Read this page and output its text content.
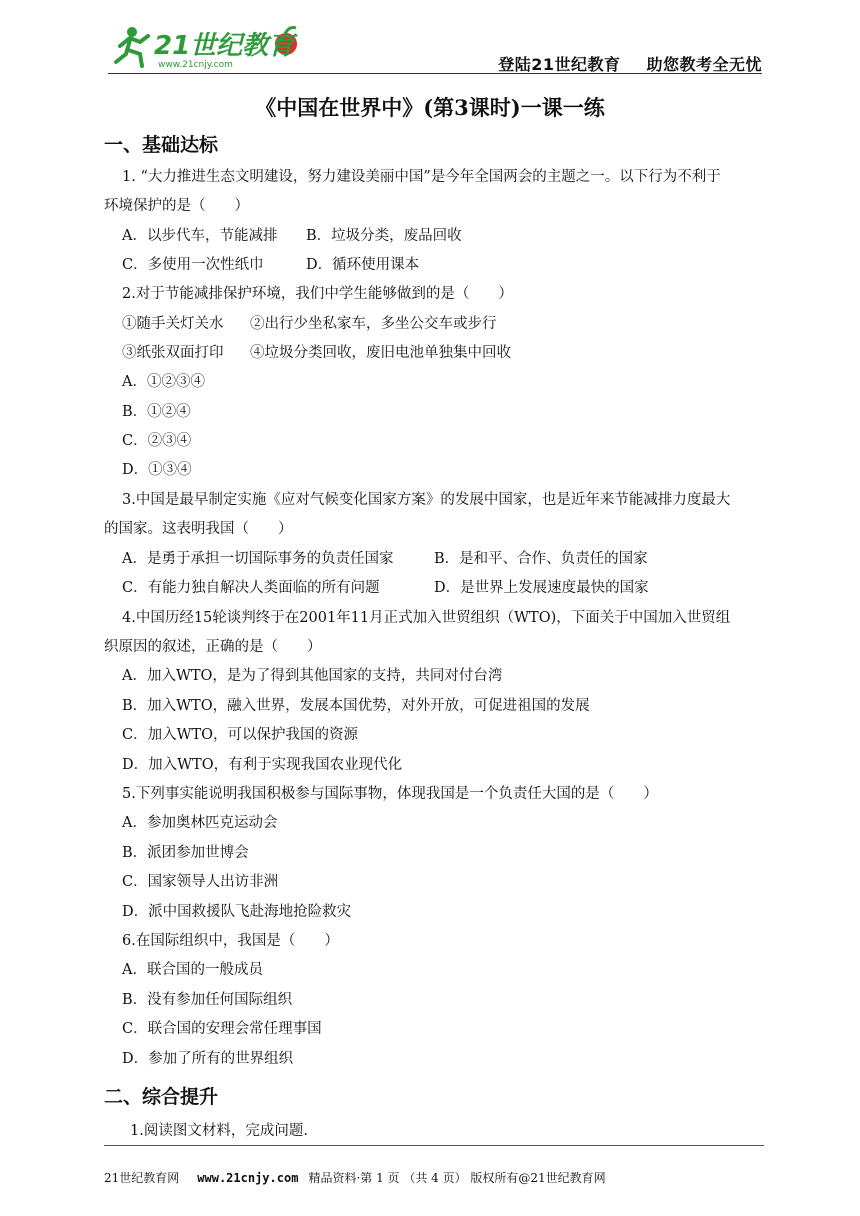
21世纪教育
www.21cnjy.com	登陆21世纪教育 助您教考全无忧
《中国在世界中》(第3课时)一课一练
一、基础达标
1. “大力推进生态文明建设，努力建设美丽中国”是今年全国两会的主题之一。以下行为不利于
环境保护的是（　　）
A．以步代车，节能减排 B．垃圾分类，废品回收
C．多使用一次性纸巾	D．循环使用课本
2.对于节能减排保护环境，我们中学生能够做到的是（　　）
①随手关灯关水 ②出行少坐私家车，多坐公交车或步行
③纸张双面打印 ④垃圾分类回收，废旧电池单独集中回收
A．①②③④
B．①②④
C．②③④
D．①③④
3.中国是最早制定实施《应对气候变化国家方案》的发展中国家，也是近年来节能减排力度最大
的国家。这表明我国（　　）
A．是勇于承担一切国际事务的负责任国家	B．是和平、合作、负责任的国家
C．有能力独自解决人类面临的所有问题	D．是世界上发展速度最快的国家
4.中国历经15轮谈判终于在2001年11月正式加入世贸组织（WTO)，下面关于中国加入世贸组
织原因的叙述，正确的是（　　）
A．加入WTO，是为了得到其他国家的支持，共同对付台湾
B．加入WTO，融入世界，发展本国优势，对外开放，可促进祖国的发展
C．加入WTO，可以保护我国的资源
D．加入WTO，有利于实现我国农业现代化
5.下列事实能说明我国积极参与国际事物，体现我国是一个负责任大国的是（　　）
A．参加奥林匹克运动会
B．派团参加世博会
C．国家领导人出访非洲
D．派中国救援队飞赴海地抢险救灾
6.在国际组织中，我国是（　　）
A．联合国的一般成员
B．没有参加任何国际组织
C．联合国的安理会常任理事国
D．参加了所有的世界组织
二、综合提升
1.阅读图文材料，完成问题.
21世纪教育网 www.21cnjy.com 精品资料·第 1 页 （共 4 页） 版权所有@21世纪教育网
